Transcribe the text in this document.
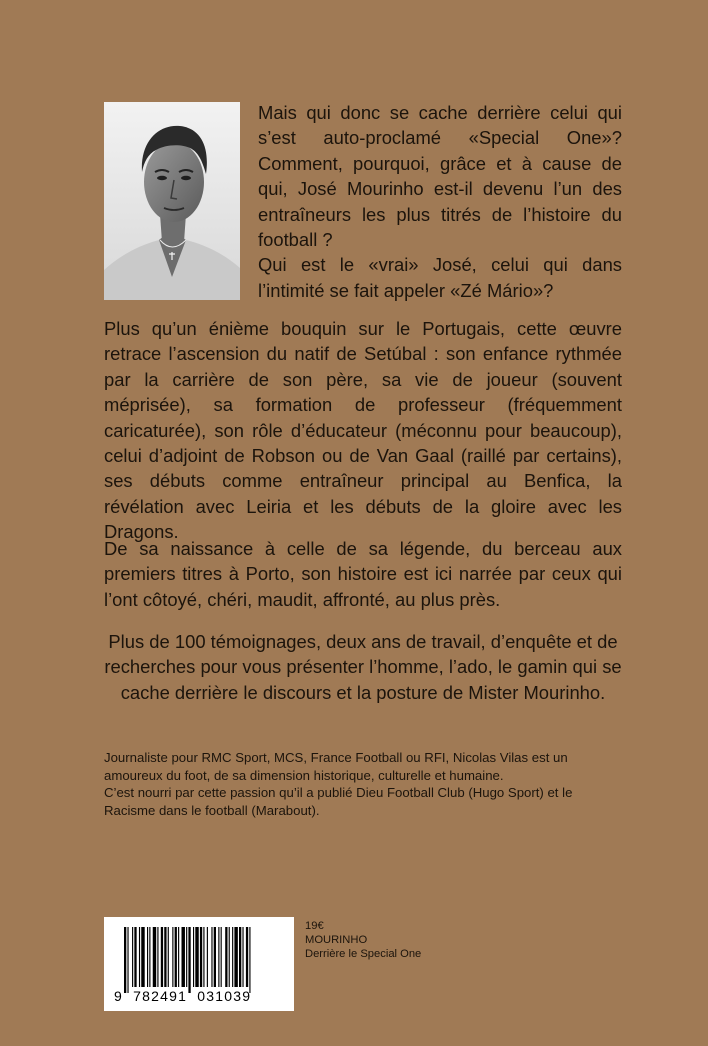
Mais qui donc se cache derrière celui qui s’est auto-proclamé «Special One»? Comment, pourquoi, grâce et à cause de qui, José Mourinho est-il devenu l’un des entraîneurs les plus titrés de l’histoire du football ?

Qui est le «vrai» José, celui qui dans l’intimité se fait appeler «Zé Mário»?

Plus qu’un énième bouquin sur le Portugais, cette œuvre retrace l’ascension du natif de Setúbal : son enfance rythmée par la carrière de son père, sa vie de joueur (souvent méprisée), sa formation de professeur (fréquemment caricaturée), son rôle d’éducateur (méconnu pour beaucoup), celui d’adjoint de Robson ou de Van Gaal (raillé par certains), ses débuts comme entraîneur principal au Benfica, la révélation avec Leiria et les débuts de la gloire avec les Dragons.

De sa naissance à celle de sa légende, du berceau aux premiers titres à Porto, son histoire est ici narrée par ceux qui l’ont côtoyé, chéri, maudit, affronté, au plus près.

Plus de 100 témoignages, deux ans de travail, d’enquête et de recherches pour vous présenter l’homme, l’ado, le gamin qui se cache derrière le discours et la posture de Mister Mourinho.

Journaliste pour RMC Sport, MCS, France Football ou RFI, Nicolas Vilas est un amoureux du foot, de sa dimension historique, culturelle et humaine.

C’est nourri par cette passion qu’il a publié Dieu Football Club (Hugo Sport) et le Racisme dans le football (Marabout).

9  782491  031039
19€
MOURINHO
Derrière le Special One
